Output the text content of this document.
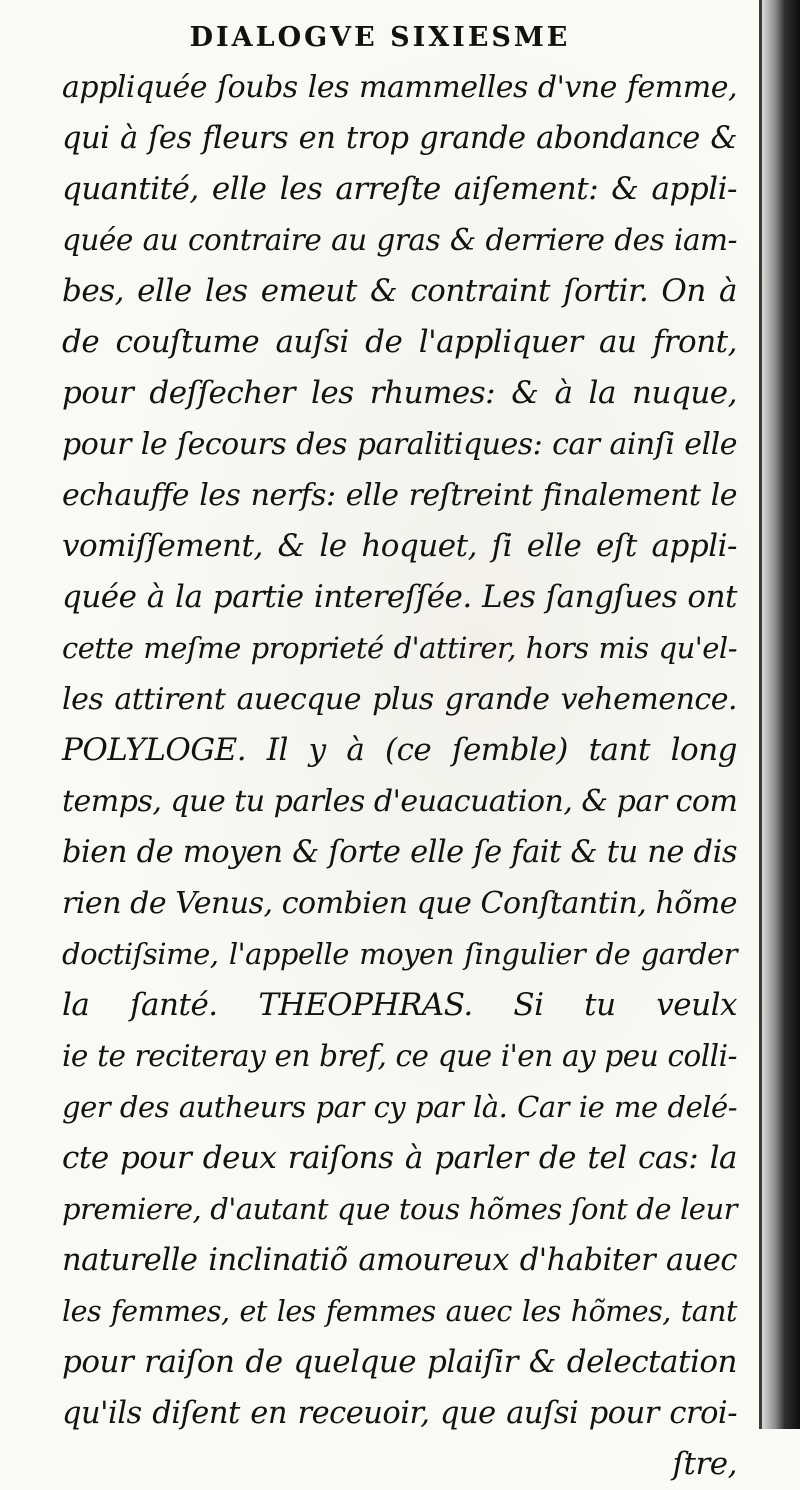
DIALOGVE SIXIESME
appliquée ſoubs les mammelles d'vne femme,
qui à ſes fleurs en trop grande abondance &
quantité, elle les arreſte aiſement: & appli-
quée au contraire au gras & derriere des iam-
bes, elle les emeut & contraint ſortir. On à
de couſtume auſsi de l'appliquer au front,
pour deſſecher les rhumes: & à la nuque,
pour le ſecours des paralitiques: car ainſi elle
echauffe les nerfs: elle reſtreint finalement le
vomiſſement, & le hoquet, ſi elle eſt appli-
quée à la partie intereſſée. Les ſangſues ont
cette meſme proprieté d'attirer, hors mis qu'el-
les attirent auecque plus grande vehemence.
POLYLOGE. Il y à (ce ſemble) tant long
temps, que tu parles d'euacuation, & par com
bien de moyen & ſorte elle ſe fait & tu ne dis
rien de Venus, combien que Conſtantin, hõme
doctiſsime, l'appelle moyen ſingulier de garder
la ſanté. THEOPHRAS. Si tu veulx
ie te reciteray en bref, ce que i'en ay peu colli-
ger des autheurs par cy par là. Car ie me delé-
cte pour deux raiſons à parler de tel cas: la
premiere, d'autant que tous hõmes ſont de leur
naturelle inclinatiõ amoureux d'habiter auec
les femmes, et les femmes auec les hõmes, tant
pour raiſon de quelque plaiſir & delectation
qu'ils diſent en receuoir, que auſsi pour croi-
ſtre,
